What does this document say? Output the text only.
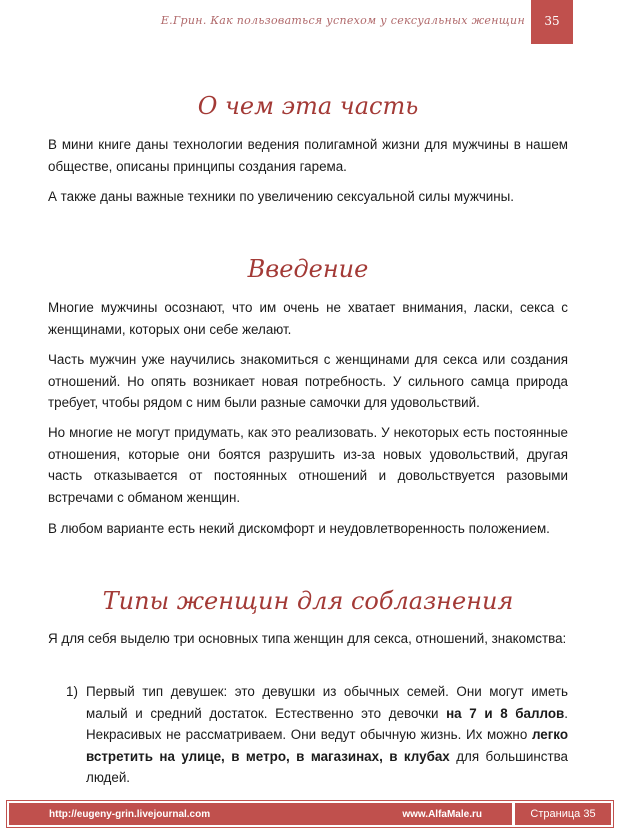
Е.Грин. Как пользоваться успехом у сексуальных женщин 35
О чем эта часть

В мини книге даны технологии ведения полигамной жизни для мужчины в нашем обществе, описаны принципы создания гарема.

А также даны важные техники по увеличению сексуальной силы мужчины.

Введение

Многие мужчины осознают, что им очень не хватает внимания, ласки, секса с женщинами, которых они себе желают.

Часть мужчин уже научились знакомиться с женщинами для секса или создания отношений. Но опять возникает новая потребность. У сильного самца природа требует, чтобы рядом с ним были разные самочки для удовольствий.

Но многие не могут придумать, как это реализовать. У некоторых есть постоянные отношения, которые они боятся разрушить из-за новых удовольствий, другая часть отказывается от постоянных отношений и довольствуется разовыми встречами с обманом женщин.

В любом варианте есть некий дискомфорт и неудовлетворенность положением.

Типы женщин для соблазнения

Я для себя выделю три основных типа женщин для секса, отношений, знакомства:

1) Первый тип девушек: это девушки из обычных семей. Они могут иметь малый и средний достаток. Естественно это девочки на 7 и 8 баллов. Некрасивых не рассматриваем. Они ведут обычную жизнь. Их можно легко встретить на улице, в метро, в магазинах, в клубах для большинства людей.
http://eugeny-grin.livejournal.com	www.AlfaMale.ru	Страница 35
